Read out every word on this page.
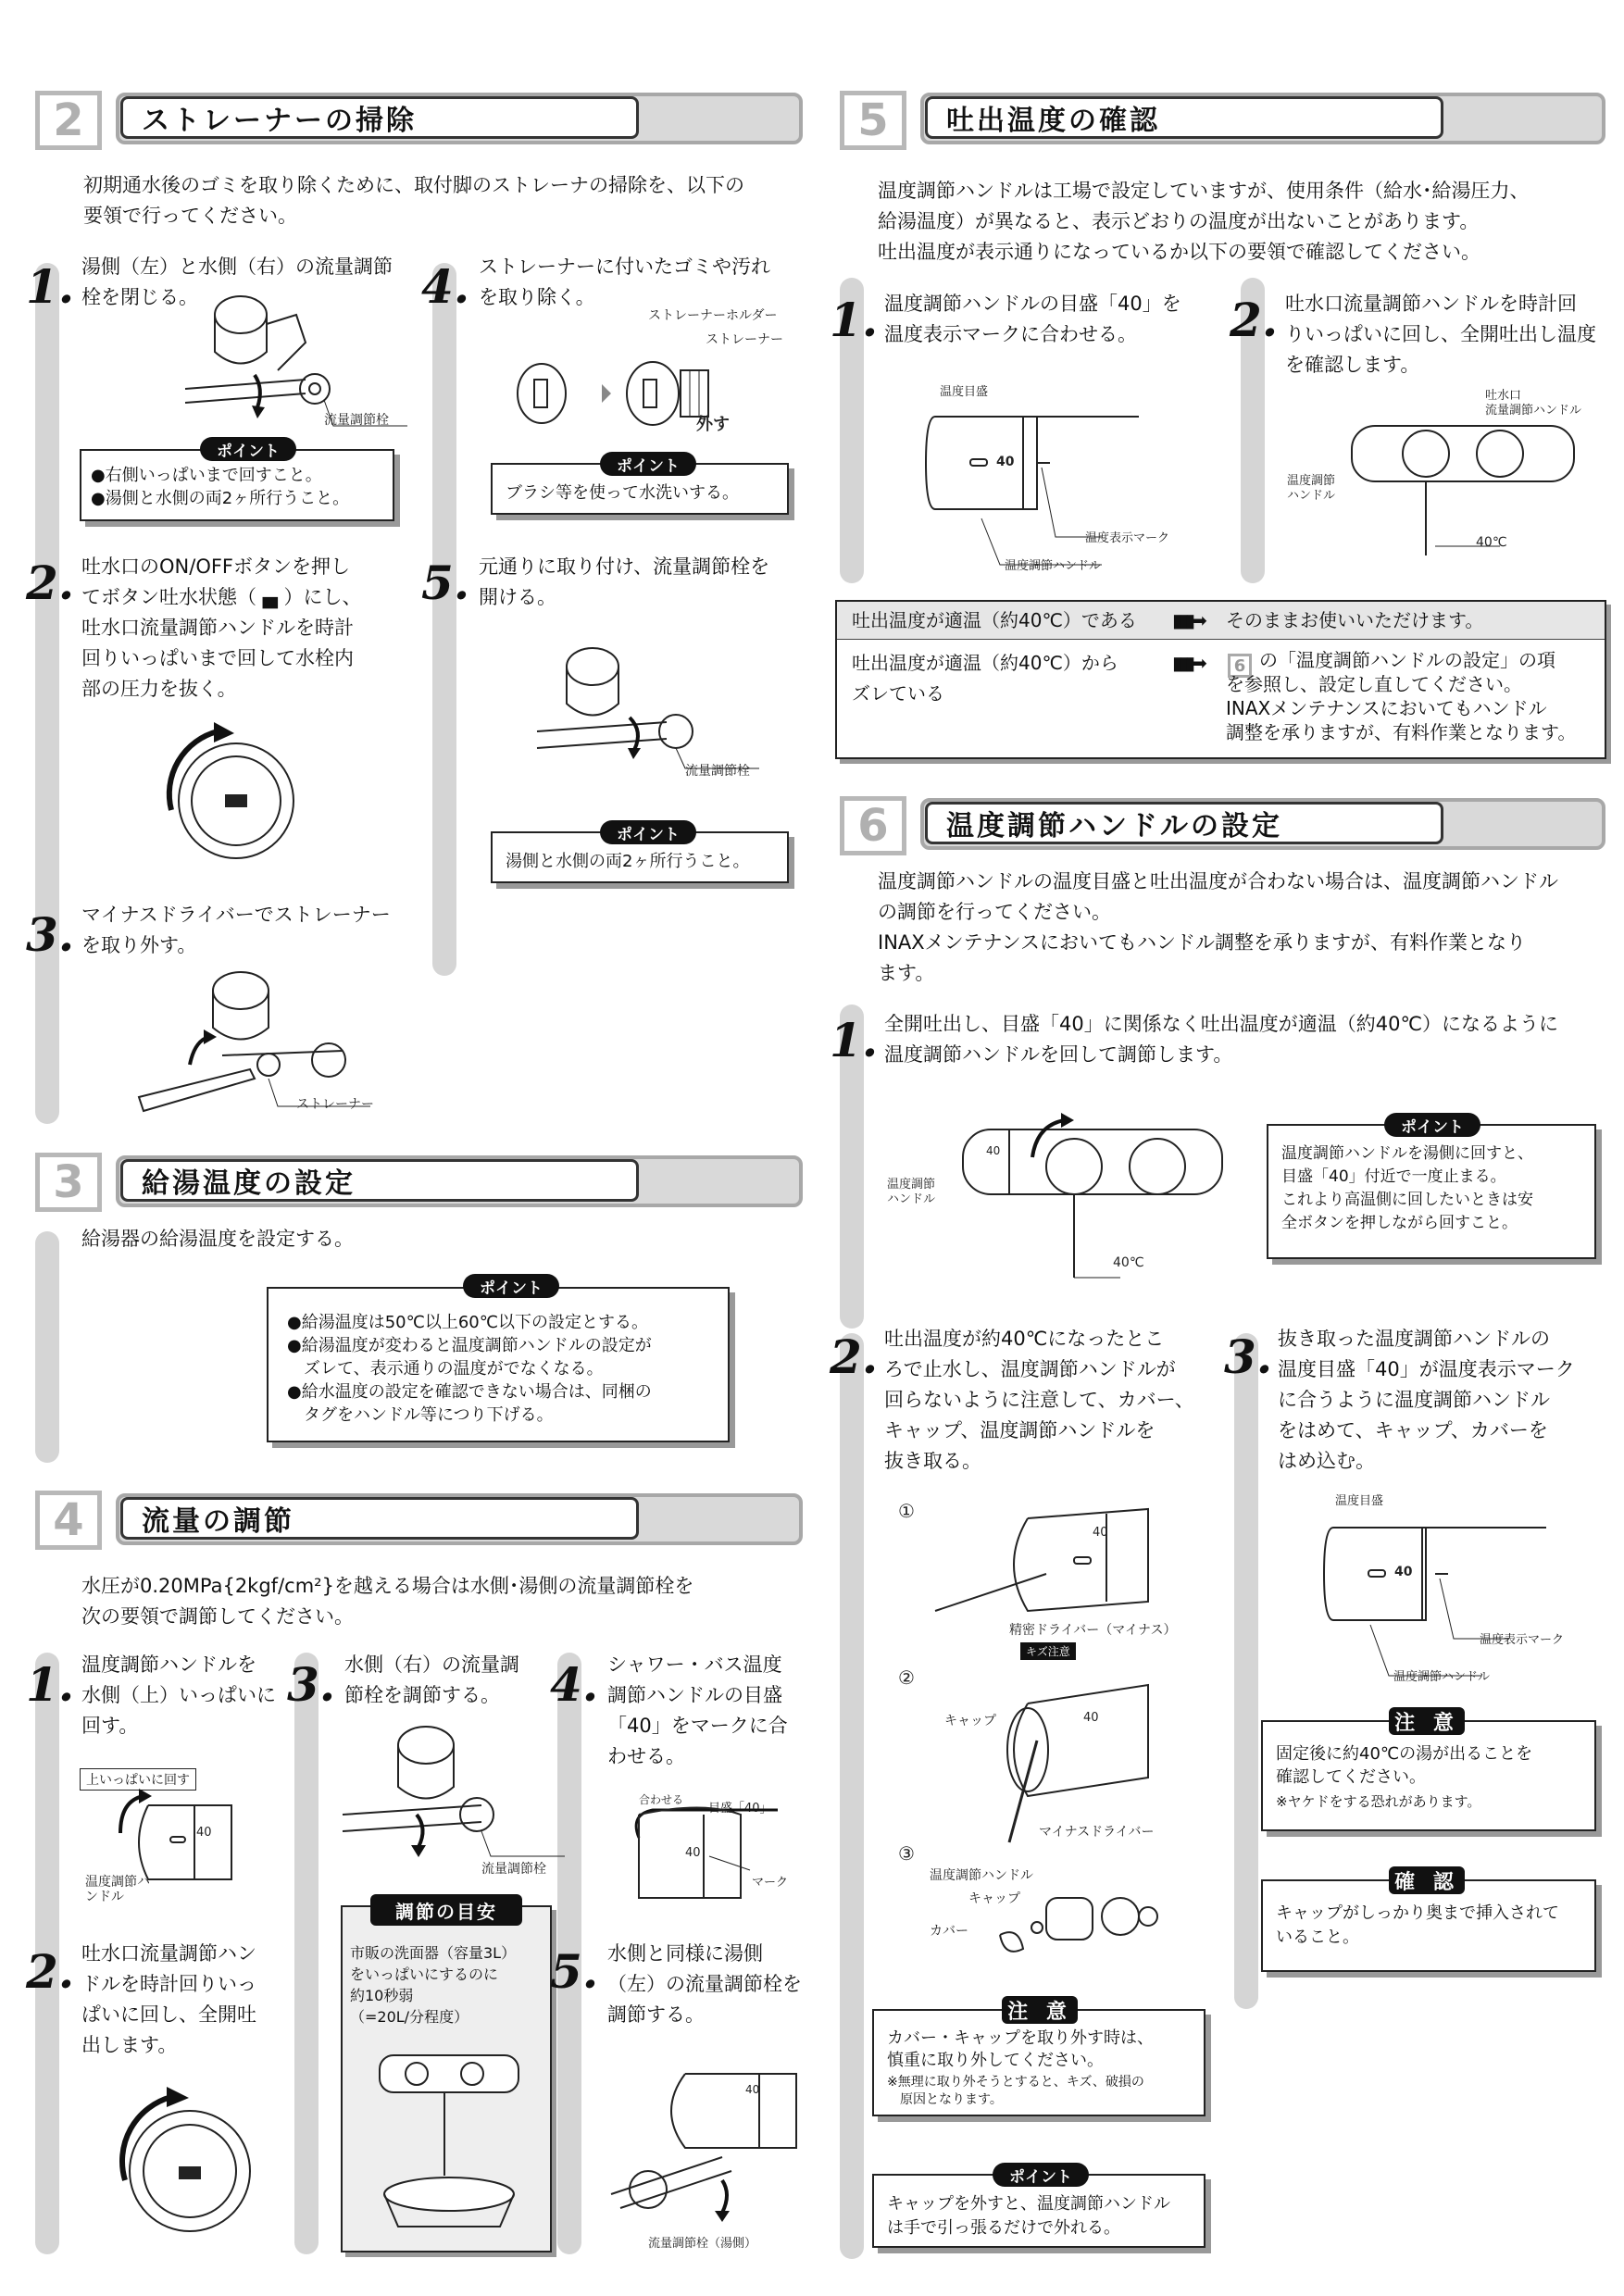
2	ストレーナーの掃除
初期通水後のゴミを取り除くために、取付脚のストレーナの掃除を、以下の
要領で行ってください。
1. 湯側（左）と水側（右）の流量調節
栓を閉じる。
流量調節栓
●右側いっぱいまで回すこと。
●湯側と水側の両2ヶ所行うこと。
ポイント
2. 吐水口のON/OFFボタンを押し
てボタン吐水状態（ ▄ ）にし、
吐水口流量調節ハンドルを時計
回りいっぱいまで回して水栓内
部の圧力を抜く。
3. マイナスドライバーでストレーナー
を取り外す。
ストレーナー
4. ストレーナーに付いたゴミや汚れ
を取り除く。
ストレーナーホルダー
ストレーナー
外す
ブラシ等を使って水洗いする。
ポイント
5. 元通りに取り付け、流量調節栓を
開ける。
流量調節栓
湯側と水側の両2ヶ所行うこと。
ポイント
3	給湯温度の設定
給湯器の給湯温度を設定する。
●給湯温度は50℃以上60℃以下の設定とする。
●給湯温度が変わると温度調節ハンドルの設定が
　ズレて、表示通りの温度がでなくなる。
●給水温度の設定を確認できない場合は、同梱の
　タグをハンドル等につり下げる。
ポイント
4	流量の調節
水圧が0.20MPa{2kgf/cm²}を越える場合は水側･湯側の流量調節栓を
次の要領で調節してください。
1. 温度調節ハンドルを
水側（上）いっぱいに
回す。
上いっぱいに回す
40
温度調節ハンドル
2. 吐水口流量調節ハン
ドルを時計回りいっ
ぱいに回し、全開吐
出します。
3. 水側（右）の流量調
節栓を調節する。
流量調節栓
市販の洗面器（容量3L）
をいっぱいにするのに
約10秒弱
（=20L/分程度）
調節の目安
4. シャワー・バス温度
調節ハンドルの目盛
「40」をマークに合
わせる。
合わせる
目盛「40」
40
マーク
5. 水側と同様に湯側
（左）の流量調節栓を
調節する。
40
流量調節栓（湯側）
5	吐出温度の確認
温度調節ハンドルは工場で設定していますが、使用条件（給水･給湯圧力、
給湯温度）が異なると、表示どおりの温度が出ないことがあります。
吐出温度が表示通りになっているか以下の要領で確認してください。
1. 温度調節ハンドルの目盛「40」を
温度表示マークに合わせる。
温度目盛
40
温度表示マーク
温度調節ハンドル
2. 吐水口流量調節ハンドルを時計回
りいっぱいに回し、全開吐出し温度
を確認します。
吐水口
流量調節ハンドル
温度調節
ハンドル
40℃
吐出温度が適温（約40℃）である ▮▮▮➡ そのままお使いいただけます。
吐出温度が適温（約40℃）から
ズレている
▮▮▮➡	6 の「温度調節ハンドルの設定」の項
を参照し、設定し直してください。
INAXメンテナンスにおいてもハンドル
調整を承りますが、有料作業となります。
6	温度調節ハンドルの設定
温度調節ハンドルの温度目盛と吐出温度が合わない場合は、温度調節ハンドル
の調節を行ってください。
INAXメンテナンスにおいてもハンドル調整を承りますが、有料作業となり
ます。
1. 全開吐出し、目盛「40」に関係なく吐出温度が適温（約40℃）になるように
温度調節ハンドルを回して調節します。
40
温度調節
ハンドル
40℃
温度調節ハンドルを湯側に回すと、
目盛「40」付近で一度止まる。
これより高温側に回したいときは安
全ボタンを押しながら回すこと。
ポイント
2. 吐出温度が約40℃になったとこ
ろで止水し、温度調節ハンドルが
回らないように注意して、カバー、
キャップ、温度調節ハンドルを
抜き取る。
①
40
精密ドライバー（マイナス）
キズ注意
②
40
キャップ
マイナスドライバー
③
温度調節ハンドル
キャップ
カバー
カバー・キャップを取り外す時は、
慎重に取り外してください。
※無理に取り外そうとすると、キズ、破損の
　原因となります。
注 意
キャップを外すと、温度調節ハンドル
は手で引っ張るだけで外れる。
ポイント
3. 抜き取った温度調節ハンドルの
温度目盛「40」が温度表示マーク
に合うように温度調節ハンドル
をはめて、キャップ、カバーを
はめ込む。
温度目盛
40
温度表示マーク
温度調節ハンドル
固定後に約40℃の湯が出ることを
確認してください。
※ヤケドをする恐れがあります。
注 意
キャップがしっかり奥まで挿入されて
いること。
確 認
